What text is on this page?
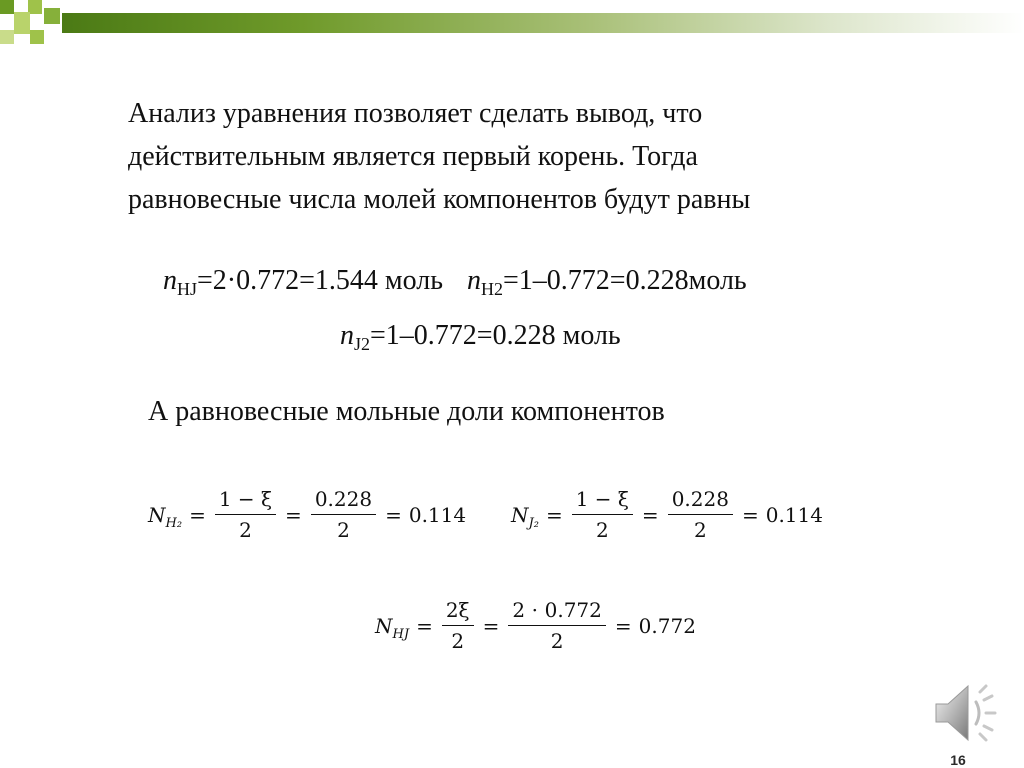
Анализ уравнения позволяет сделать вывод, что
действительным является первый корень. Тогда
равновесные числа молей компонентов будут равны
$n_{HJ}=2\cdot 0.772=1.544$ моль $n_{H2}=1-0.772=0.228моль$
$n_{J2}=1-0.772=0.228$ моль
А равновесные мольные доли компонентов
$N_{H_2} = \frac{1 - \xi}{2} = \frac{0.228}{2} = 0.114$ $N_{J_2} = \frac{1 - \xi}{2} = \frac{0.228}{2} = 0.114$
$N_{HJ} = \frac{2\xi}{2} = \frac{2 \cdot 0.772}{2} = 0.772$
16
